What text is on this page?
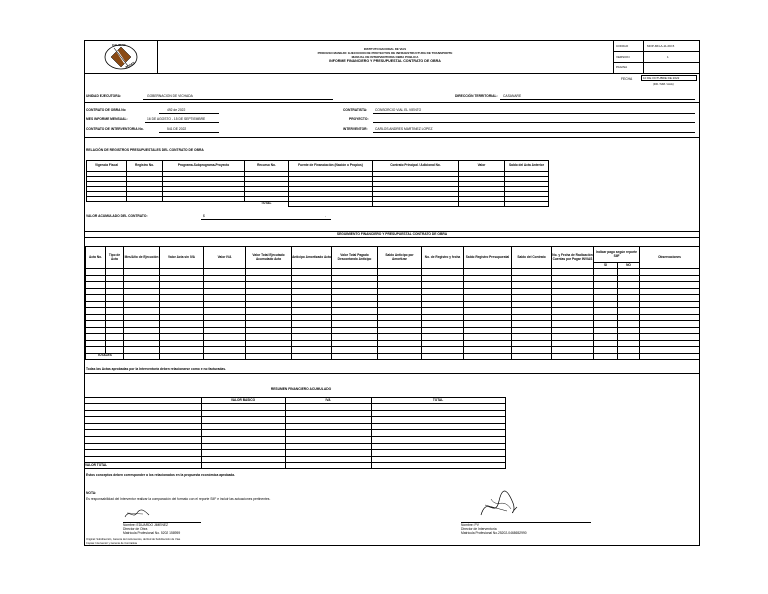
CALIDAD
INVIAS
INSTITUTO NACIONAL DE VIAS
PROCESO MANEJO: EJECUCION DE PROYECTOS DE INFRAESTRUCTURA DE TRANSPORTE
MANUAL DE INTERVENTORIA OBRA PUBLICA
INFORME FINANCIERO Y PRESUPUESTAL CONTRATO DE OBRA
CODIGO	MOP-MN-A-11-FR-5
VERSION	1
PAGINA
FECHA	10 DE OCTUBRE DE 2022
(DD / MM / AAA)
UNIDAD EJECUTORA:	GOBERNACION DE VICHADA	DIRECCIÓN TERRITORIAL: CASANARE
CONTRATO DE OBRA No	492 de 2022	CONTRATISTA: CONSORCIO VIAL EL VIENTO
MES INFORME MENSUAL:	16 DE AGOSTO - 15 DE SEPTIEMBRE	PROYECTO:
CONTRATO DE INTERVENTORIA No.	541 DE 2022	INTERVENTOR: CARLOS ANDRES MARTINEZ LOPEZ
RELACIÓN DE REGISTROS PRESUPUESTALES DEL CONTRATO DE OBRA
Vigencia Fiscal	Registro No.	Programa-Subprograma-Proyecto	Recurso No.	Fuente de Financiación (Nación o Propios)	Contrato Principal / Adicional No.	Valor	Saldo del Acta Anterior

			TOTAL				
VALOR ACUMULADO DEL CONTRATO:	$	-
SEGUIMIENTO FINANCIERO Y PRESUPUESTAL CONTRATO DE OBRA
Acta No.	Tipo de Acta	Mes/Año de Ejecución	Valor Acta sin IVA	Valor IVA	Valor Total Ejecutado Acumulado Acta	Anticipo Amortizado Acta	Valor Total Pagado Descontando Anticipo	Saldo Anticipo por Amortizar	No. de Registro y fecha	Saldo Registro Presupuestal	Saldo del Contrato	No. y Fecha de Radicación Cuentas por Pagar INVIAS	Indicar pago según reporte SIIF		Observaciones
													SI	NO	

TOTALES															
Todas las Actas aprobadas por la Interventoría deben relacionarse como e no facturadas.
RESUMEN FINANCIERO ACUMULADO
	VALOR BASICO	IVA	TOTAL

VALOR TOTAL			
Estos conceptos deben corresponder a los relacionados en la propuesta económica aprobada.
NOTA:
Es responsabilidad del Interventor realizar la comparación del formato con el reporte SIIF e incluir las actuaciones pertinentes.
Nombre: EDUARDO JIMENEZ
Director de Obra
Matrícula Profesional No. 5202 158959
Nombre: PV
Director de Interventoría
Matrícula Profesional No.25202-0468652990
Original: Subdirección, Gerente de Instrumentos, de Red de Subdirección de Vías
Copias: Interventor y Gerente de Contratista
